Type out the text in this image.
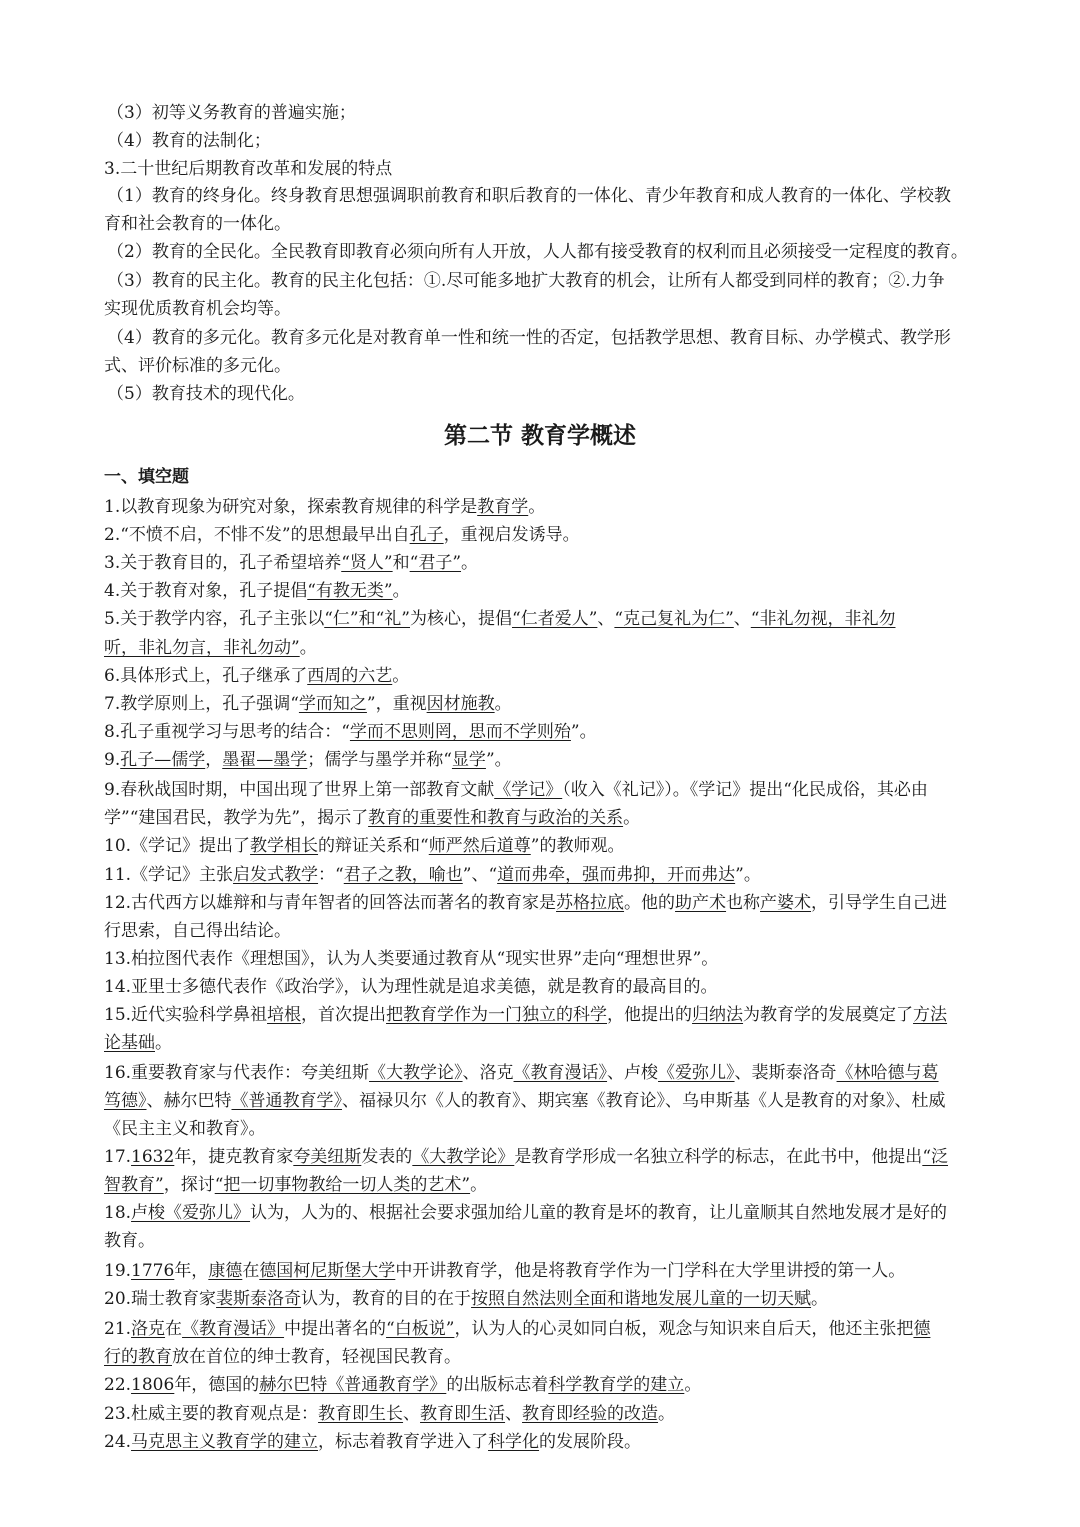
（3）初等义务教育的普遍实施；
（4）教育的法制化；
3.二十世纪后期教育改革和发展的特点
（1）教育的终身化。终身教育思想强调职前教育和职后教育的一体化、青少年教育和成人教育的一体化、学校教
育和社会教育的一体化。
（2）教育的全民化。全民教育即教育必须向所有人开放，人人都有接受教育的权利而且必须接受一定程度的教育。
（3）教育的民主化。教育的民主化包括：①.尽可能多地扩大教育的机会，让所有人都受到同样的教育；②.力争
实现优质教育机会均等。
（4）教育的多元化。教育多元化是对教育单一性和统一性的否定，包括教学思想、教育目标、办学模式、教学形
式、评价标准的多元化。
（5）教育技术的现代化。
第二节 教育学概述
一、填空题
1.以教育现象为研究对象，探索教育规律的科学是教育学。
2.“不愤不启，不悱不发”的思想最早出自孔子，重视启发诱导。
3.关于教育目的，孔子希望培养“贤人”和“君子”。
4.关于教育对象，孔子提倡“有教无类”。
5.关于教学内容，孔子主张以“仁”和“礼”为核心，提倡“仁者爱人”、“克己复礼为仁”、“非礼勿视，非礼勿
听，非礼勿言，非礼勿动”。
6.具体形式上，孔子继承了西周的六艺。
7.教学原则上，孔子强调“学而知之”，重视因材施教。
8.孔子重视学习与思考的结合：“学而不思则罔，思而不学则殆”。
9.孔子—儒学，墨翟—墨学；儒学与墨学并称“显学”。
9.春秋战国时期，中国出现了世界上第一部教育文献《学记》（收入《礼记》）。《学记》提出“化民成俗，其必由
学”“建国君民，教学为先”，揭示了教育的重要性和教育与政治的关系。
10.《学记》提出了教学相长的辩证关系和“师严然后道尊”的教师观。
11.《学记》主张启发式教学：“君子之教，喻也”、“道而弗牵，强而弗抑，开而弗达”。
12.古代西方以雄辩和与青年智者的回答法而著名的教育家是苏格拉底。他的助产术也称产婆术，引导学生自己进
行思索，自己得出结论。
13.柏拉图代表作《理想国》，认为人类要通过教育从“现实世界”走向“理想世界”。
14.亚里士多德代表作《政治学》，认为理性就是追求美德，就是教育的最高目的。
15.近代实验科学鼻祖培根，首次提出把教育学作为一门独立的科学，他提出的归纳法为教育学的发展奠定了方法
论基础。
16.重要教育家与代表作：夸美纽斯《大教学论》、洛克《教育漫话》、卢梭《爱弥儿》、裴斯泰洛奇《林哈德与葛
笃德》、赫尔巴特《普通教育学》、福禄贝尔《人的教育》、期宾塞《教育论》、乌申斯基《人是教育的对象》、杜威
《民主主义和教育》。
17.1632年，捷克教育家夸美纽斯发表的《大教学论》是教育学形成一名独立科学的标志，在此书中，他提出“泛
智教育”，探讨“把一切事物教给一切人类的艺术”。
18.卢梭《爱弥儿》认为，人为的、根据社会要求强加给儿童的教育是坏的教育，让儿童顺其自然地发展才是好的
教育。
19.1776年，康德在德国柯尼斯堡大学中开讲教育学，他是将教育学作为一门学科在大学里讲授的第一人。
20.瑞士教育家裴斯泰洛奇认为，教育的目的在于按照自然法则全面和谐地发展儿童的一切天赋。
21.洛克在《教育漫话》中提出著名的“白板说”，认为人的心灵如同白板，观念与知识来自后天，他还主张把德
行的教育放在首位的绅士教育，轻视国民教育。
22.1806年，德国的赫尔巴特《普通教育学》的出版标志着科学教育学的建立。
23.杜威主要的教育观点是：教育即生长、教育即生活、教育即经验的改造。
24.马克思主义教育学的建立，标志着教育学进入了科学化的发展阶段。
